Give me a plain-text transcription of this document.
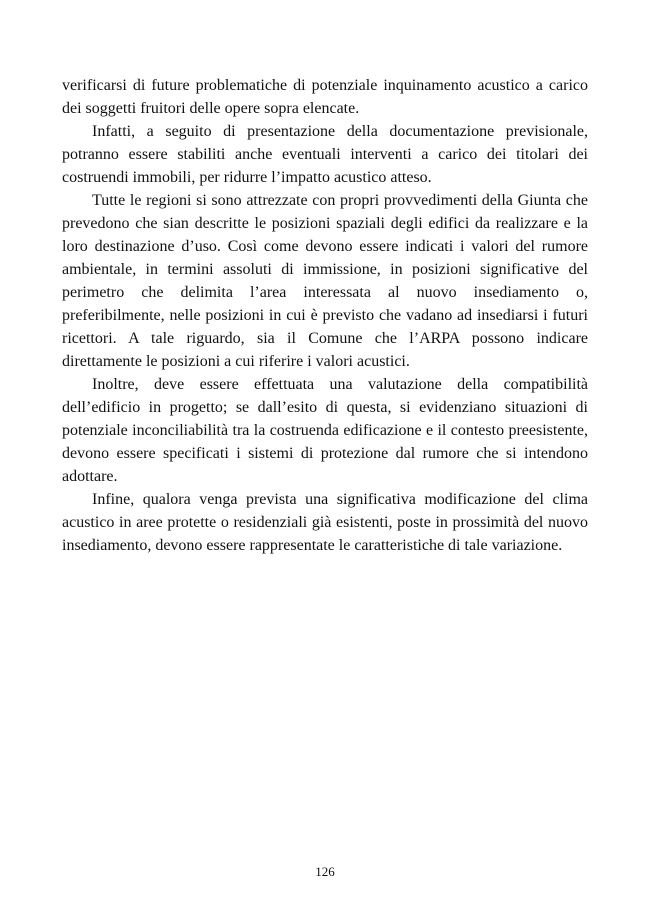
verificarsi di future problematiche di potenziale inquinamento acustico a carico dei soggetti fruitori delle opere sopra elencate.

Infatti, a seguito di presentazione della documentazione previsionale, potranno essere stabiliti anche eventuali interventi a carico dei titolari dei costruendi immobili, per ridurre l’impatto acustico atteso.

Tutte le regioni si sono attrezzate con propri provvedimenti della Giunta che prevedono che sian descritte le posizioni spaziali degli edifici da realizzare e la loro destinazione d’uso. Così come devono essere indicati i valori del rumore ambientale, in termini assoluti di immissione, in posizioni significative del perimetro che delimita l’area interessata al nuovo insediamento o, preferibilmente, nelle posizioni in cui è previsto che vadano ad insediarsi i futuri ricettori. A tale riguardo, sia il Comune che l’ARPA possono indicare direttamente le posizioni a cui riferire i valori acustici.

Inoltre, deve essere effettuata una valutazione della compatibilità dell’edificio in progetto; se dall’esito di questa, si evidenziano situazioni di potenziale inconciliabilità tra la costruenda edificazione e il contesto preesistente, devono essere specificati i sistemi di protezione dal rumore che si intendono adottare.

Infine, qualora venga prevista una significativa modificazione del clima acustico in aree protette o residenziali già esistenti, poste in prossimità del nuovo insediamento, devono essere rappresentate le caratteristiche di tale variazione.

126
